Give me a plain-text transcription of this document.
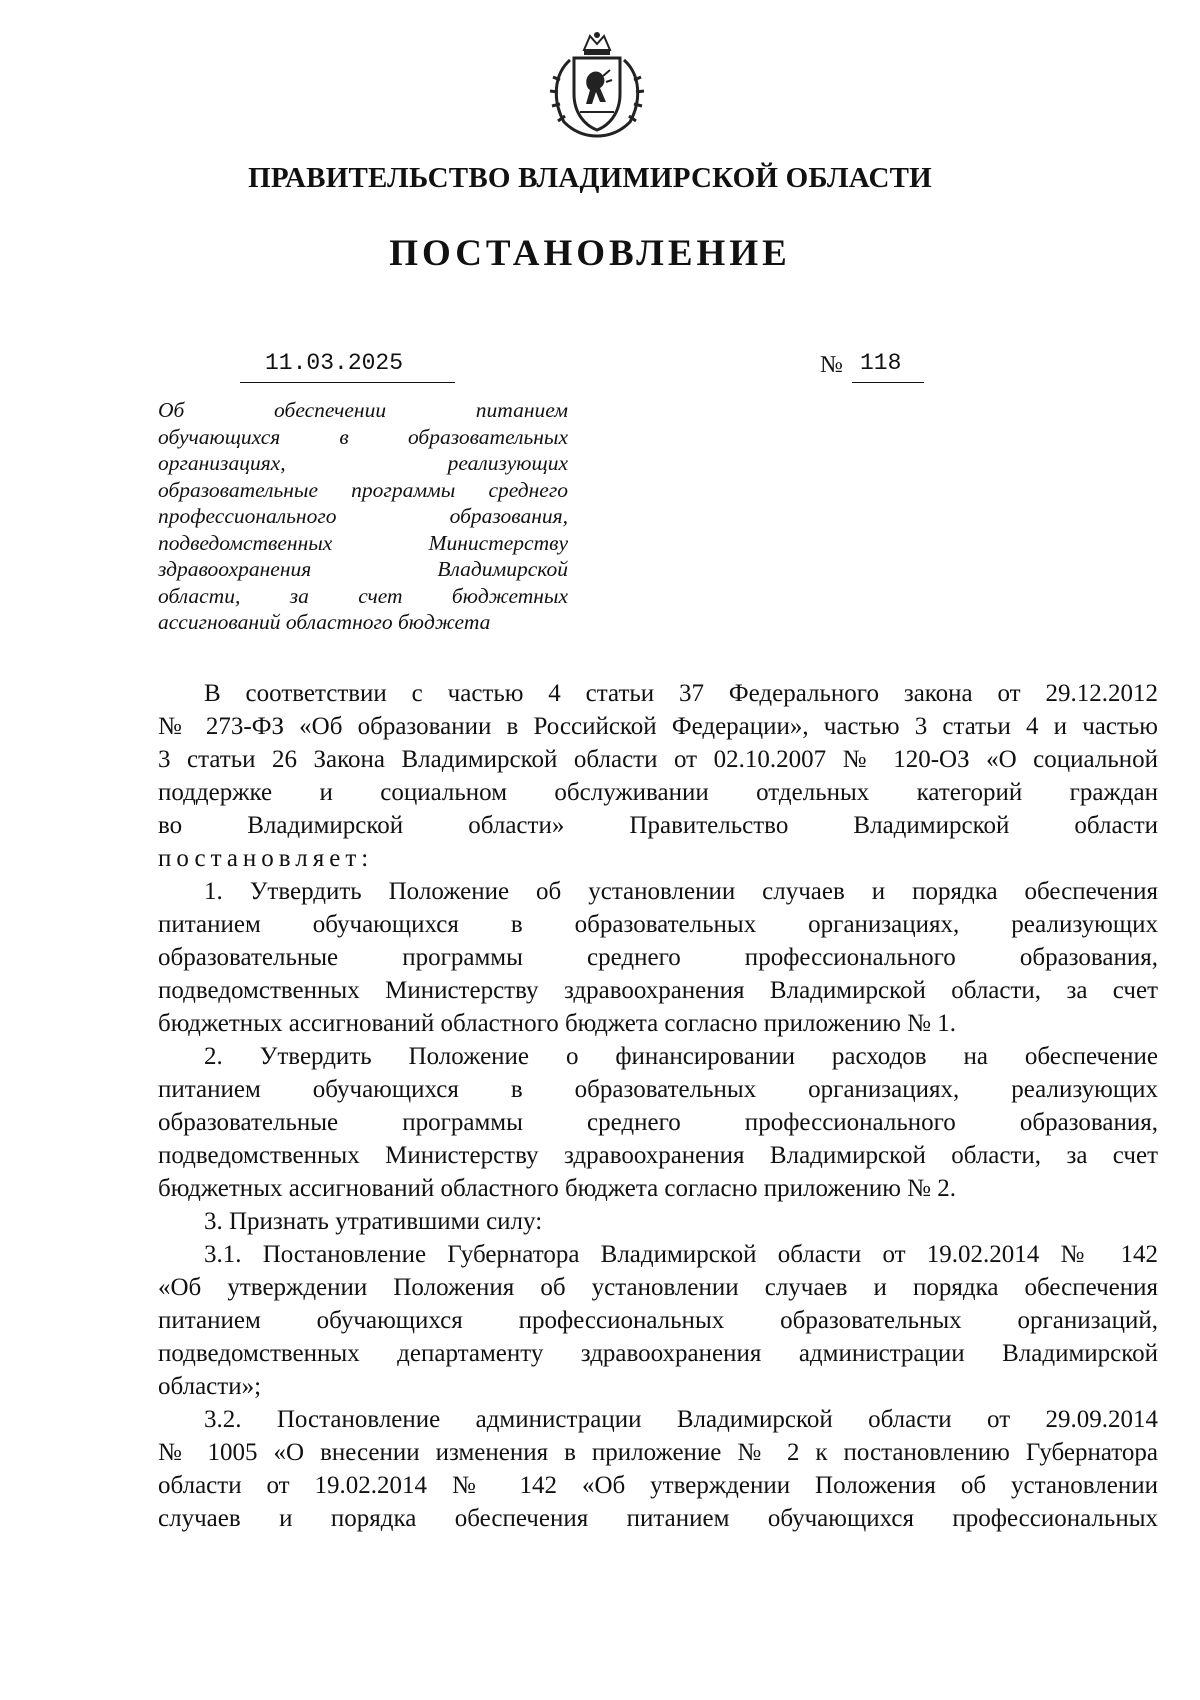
ПРАВИТЕЛЬСТВО ВЛАДИМИРСКОЙ ОБЛАСТИ
ПОСТАНОВЛЕНИЕ
11.03.2025	№ 118
Об обеспечении питанием
обучающихся в образовательных
организациях, реализующих
образовательные программы среднего
профессионального образования,
подведомственных Министерству
здравоохранения Владимирской
области, за счет бюджетных
ассигнований областного бюджета
В соответствии с частью 4 статьи 37 Федерального закона от 29.12.2012
№ 273-ФЗ «Об образовании в Российской Федерации», частью 3 статьи 4 и частью
3 статьи 26 Закона Владимирской области от 02.10.2007 № 120-ОЗ «О социальной
поддержке и социальном обслуживании отдельных категорий граждан
во Владимирской области» Правительство Владимирской области
постановляет:
1. Утвердить Положение об установлении случаев и порядка обеспечения
питанием обучающихся в образовательных организациях, реализующих
образовательные программы среднего профессионального образования,
подведомственных Министерству здравоохранения Владимирской области, за счет
бюджетных ассигнований областного бюджета согласно приложению № 1.
2. Утвердить Положение о финансировании расходов на обеспечение
питанием обучающихся в образовательных организациях, реализующих
образовательные программы среднего профессионального образования,
подведомственных Министерству здравоохранения Владимирской области, за счет
бюджетных ассигнований областного бюджета согласно приложению № 2.
3. Признать утратившими силу:
3.1. Постановление Губернатора Владимирской области от 19.02.2014 № 142
«Об утверждении Положения об установлении случаев и порядка обеспечения
питанием обучающихся профессиональных образовательных организаций,
подведомственных департаменту здравоохранения администрации Владимирской
области»;
3.2. Постановление администрации Владимирской области от 29.09.2014
№ 1005 «О внесении изменения в приложение № 2 к постановлению Губернатора
области от 19.02.2014 № 142 «Об утверждении Положения об установлении
случаев и порядка обеспечения питанием обучающихся профессиональных
